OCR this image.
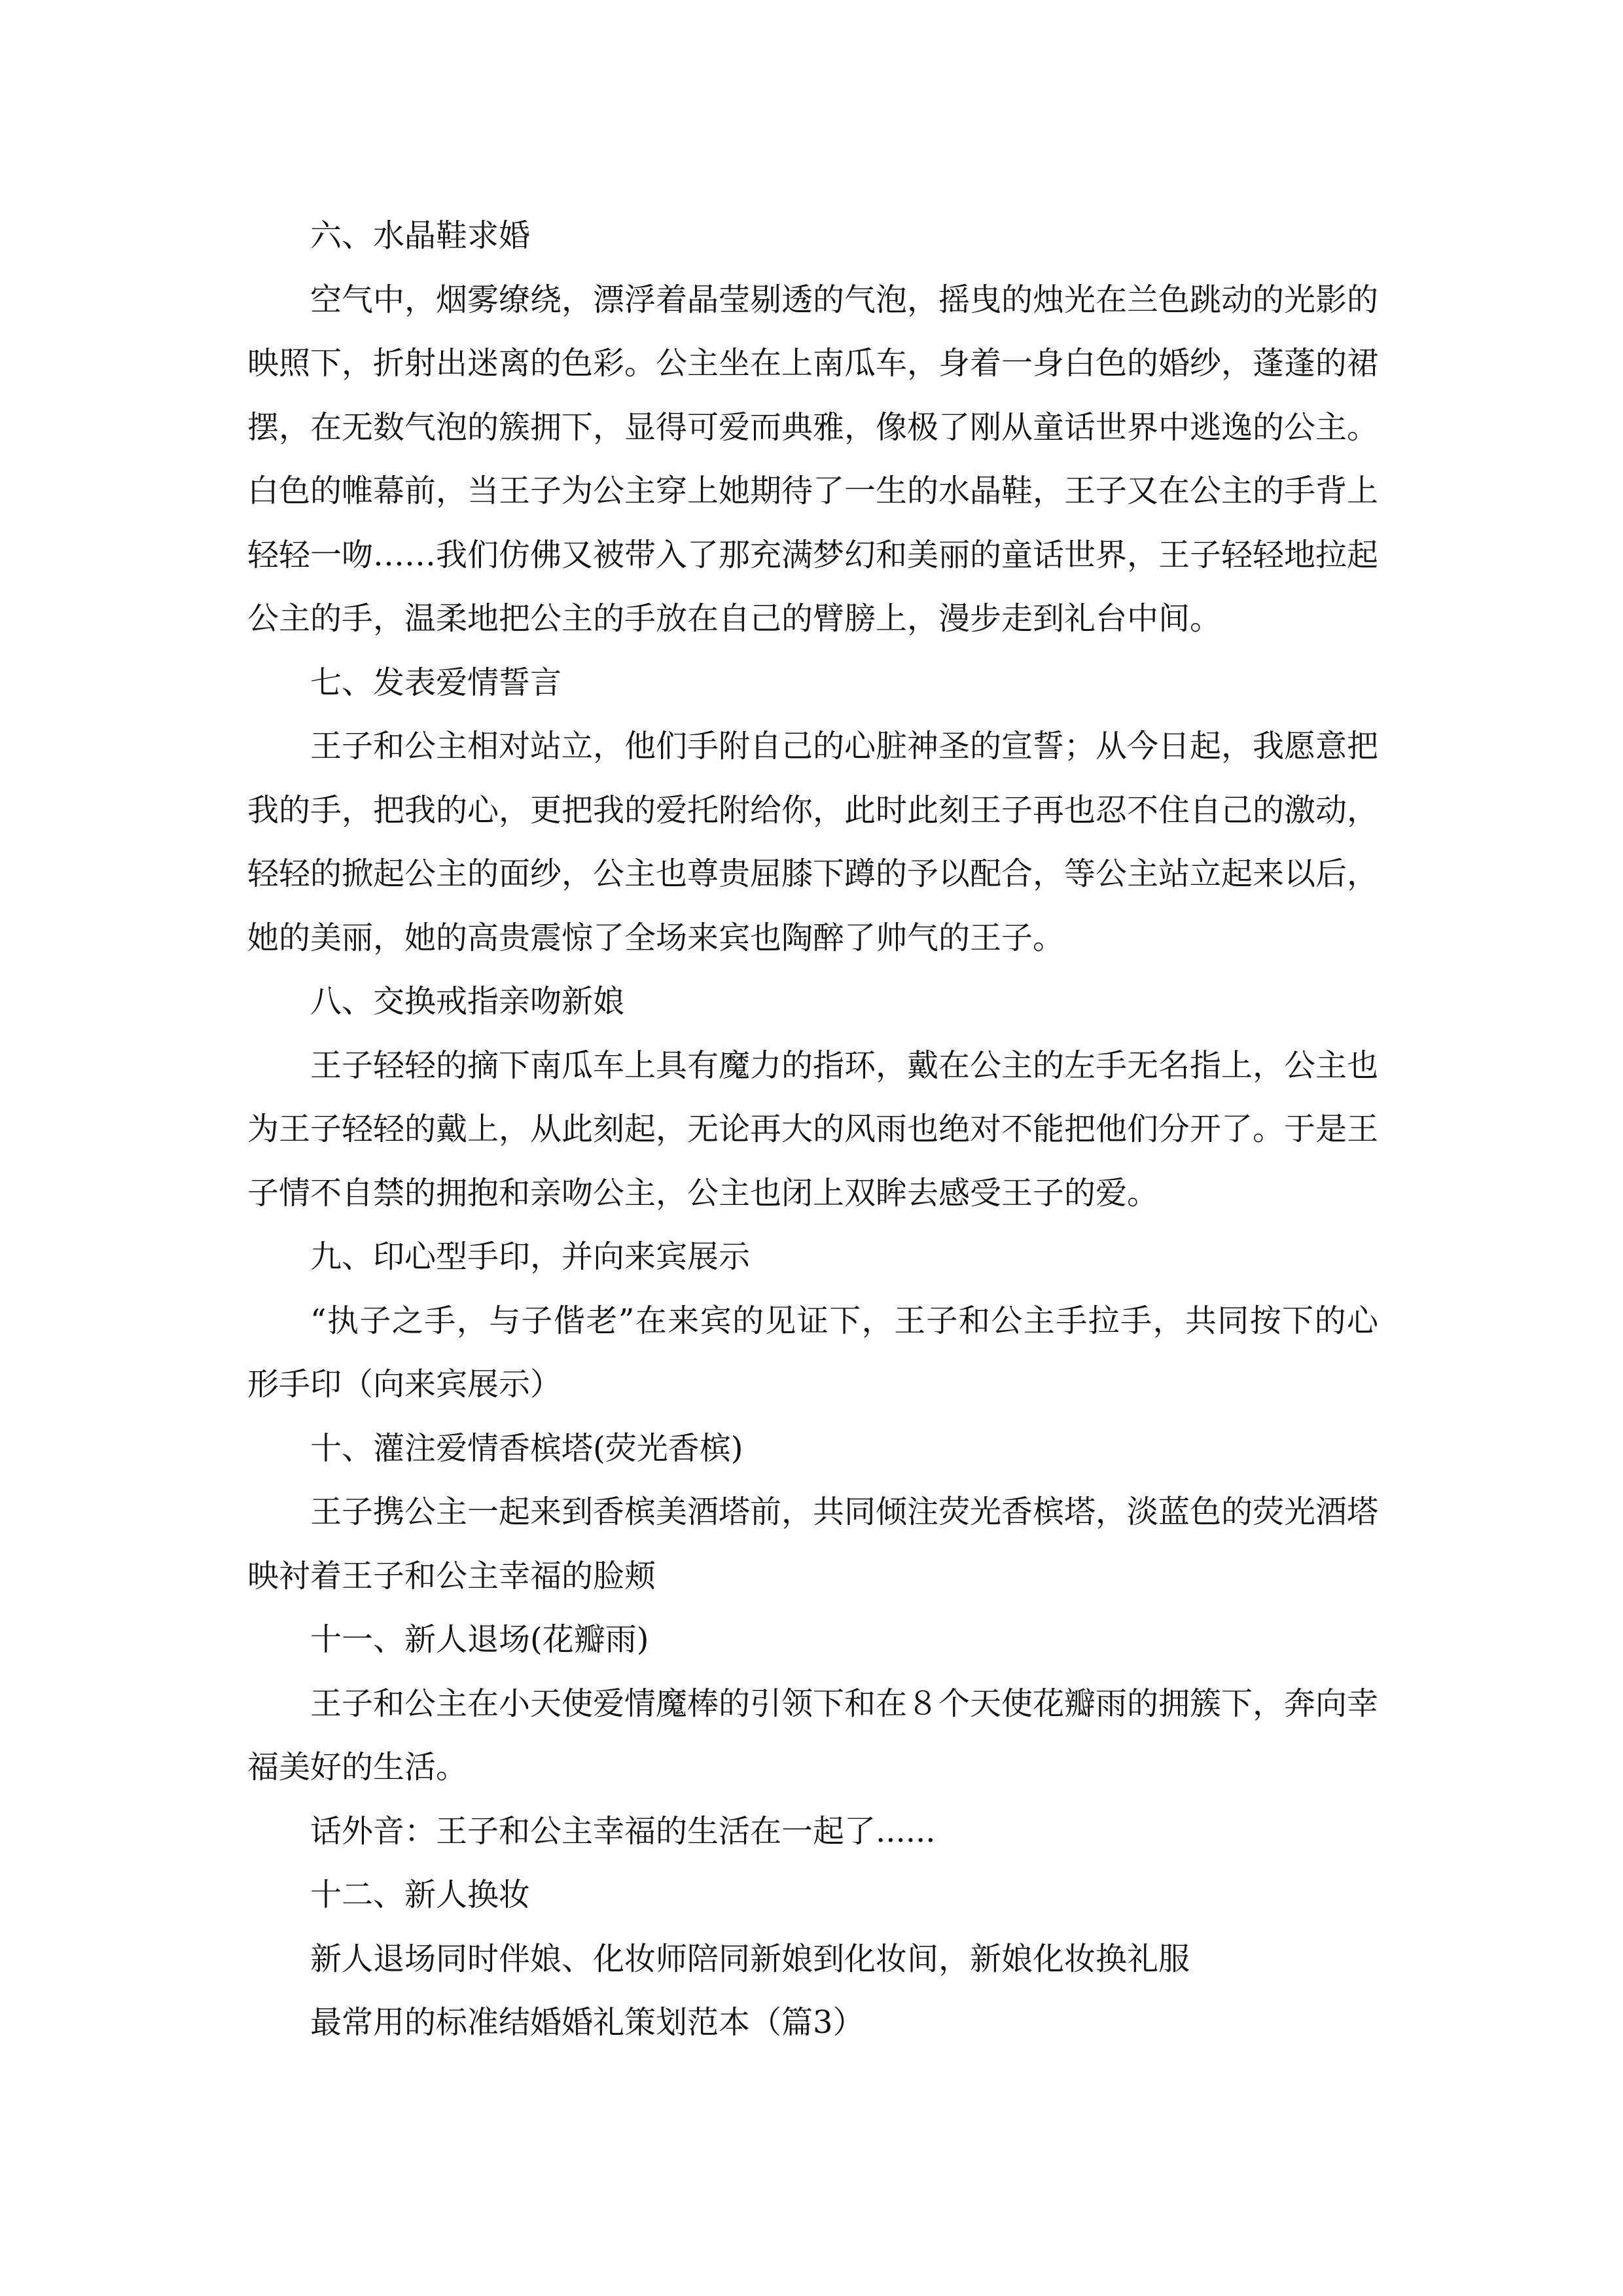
六、水晶鞋求婚

空气中，烟雾缭绕，漂浮着晶莹剔透的气泡，摇曳的烛光在兰色跳动的光影的映照下，折射出迷离的色彩。公主坐在上南瓜车，身着一身白色的婚纱，蓬蓬的裙摆，在无数气泡的簇拥下，显得可爱而典雅，像极了刚从童话世界中逃逸的公主。白色的帷幕前，当王子为公主穿上她期待了一生的水晶鞋，王子又在公主的手背上轻轻一吻……我们仿佛又被带入了那充满梦幻和美丽的童话世界，王子轻轻地拉起公主的手，温柔地把公主的手放在自己的臂膀上，漫步走到礼台中间。

七、发表爱情誓言

王子和公主相对站立，他们手附自己的心脏神圣的宣誓；从今日起，我愿意把我的手，把我的心，更把我的爱托附给你，此时此刻王子再也忍不住自己的激动，轻轻的掀起公主的面纱，公主也尊贵屈膝下蹲的予以配合，等公主站立起来以后，她的美丽，她的高贵震惊了全场来宾也陶醉了帅气的王子。

八、交换戒指亲吻新娘

王子轻轻的摘下南瓜车上具有魔力的指环，戴在公主的左手无名指上，公主也为王子轻轻的戴上，从此刻起，无论再大的风雨也绝对不能把他们分开了。于是王子情不自禁的拥抱和亲吻公主，公主也闭上双眸去感受王子的爱。

九、印心型手印，并向来宾展示

“执子之手，与子偕老”在来宾的见证下，王子和公主手拉手，共同按下的心形手印（向来宾展示）

十、灌注爱情香槟塔(荧光香槟)

王子携公主一起来到香槟美酒塔前，共同倾注荧光香槟塔，淡蓝色的荧光酒塔映衬着王子和公主幸福的脸颊

十一、新人退场(花瓣雨)

王子和公主在小天使爱情魔棒的引领下和在８个天使花瓣雨的拥簇下，奔向幸福美好的生活。

话外音：王子和公主幸福的生活在一起了......

十二、新人换妆

新人退场同时伴娘、化妆师陪同新娘到化妆间，新娘化妆换礼服

最常用的标准结婚婚礼策划范本（篇3）
